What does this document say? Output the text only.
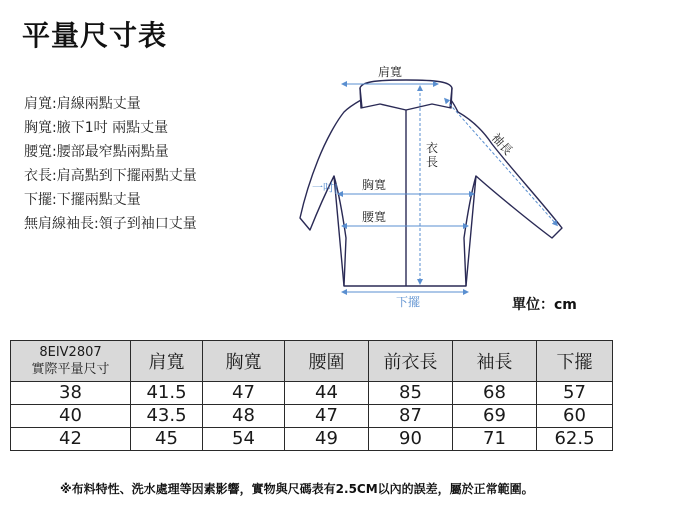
平量尺寸表
肩寬:肩線兩點丈量
胸寬:腋下1吋 兩點丈量
腰寬:腰部最窄點兩點量
衣長:肩高點到下擺兩點丈量
下擺:下擺兩點丈量
無肩線袖長:領子到袖口丈量
肩寬
袖長
衣
長
一吋 胸寬
腰寬
下擺	單位：cm
8EIV2807
實際平量尺寸	肩寬	胸寬	腰圍	前衣長	袖長	下擺
38	41.5	47	44	85	68	57
40	43.5	48	47	87	69	60
42	45	54	49	90	71	62.5
※布料特性、洗水處理等因素影響，實物與尺碼表有2.5CM以內的誤差，屬於正常範圍。
